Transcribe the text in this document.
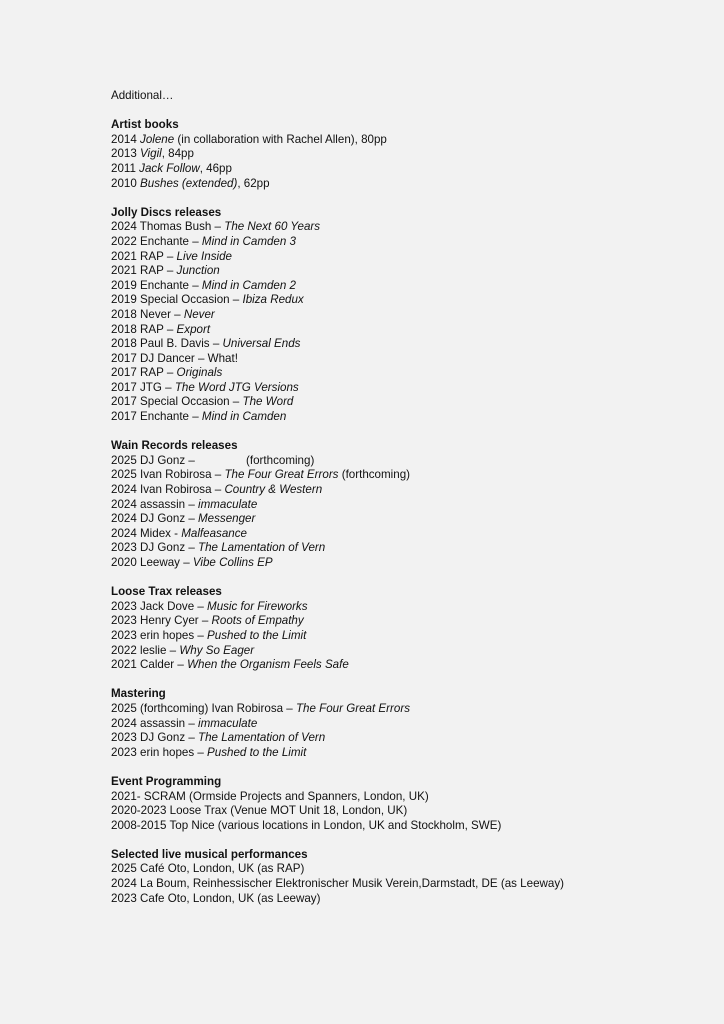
Additional…
Artist books
2014 Jolene (in collaboration with Rachel Allen), 80pp
2013 Vigil, 84pp
2011 Jack Follow, 46pp
2010 Bushes (extended), 62pp
Jolly Discs releases
2024 Thomas Bush – The Next 60 Years
2022 Enchante – Mind in Camden 3
2021 RAP – Live Inside
2021 RAP – Junction
2019 Enchante – Mind in Camden 2
2019 Special Occasion – Ibiza Redux
2018 Never – Never
2018 RAP – Export
2018 Paul B. Davis – Universal Ends
2017 DJ Dancer – What!
2017 RAP – Originals
2017 JTG – The Word JTG Versions
2017 Special Occasion – The Word
2017 Enchante – Mind in Camden
Wain Records releases
2025 DJ Gonz –	(forthcoming)
2025 Ivan Robirosa – The Four Great Errors (forthcoming)
2024 Ivan Robirosa – Country & Western
2024 assassin – immaculate
2024 DJ Gonz – Messenger
2024 Midex - Malfeasance
2023 DJ Gonz – The Lamentation of Vern
2020 Leeway – Vibe Collins EP
Loose Trax releases
2023 Jack Dove – Music for Fireworks
2023 Henry Cyer – Roots of Empathy
2023 erin hopes – Pushed to the Limit
2022 leslie – Why So Eager
2021 Calder – When the Organism Feels Safe
Mastering
2025 (forthcoming) Ivan Robirosa – The Four Great Errors
2024 assassin – immaculate
2023 DJ Gonz – The Lamentation of Vern
2023 erin hopes – Pushed to the Limit
Event Programming
2021- SCRAM (Ormside Projects and Spanners, London, UK)
2020-2023 Loose Trax (Venue MOT Unit 18, London, UK)
2008-2015 Top Nice (various locations in London, UK and Stockholm, SWE)
Selected live musical performances
2025 Café Oto, London, UK (as RAP)
2024 La Boum, Reinhessischer Elektronischer Musik Verein,Darmstadt, DE (as Leeway)
2023 Cafe Oto, London, UK (as Leeway)
